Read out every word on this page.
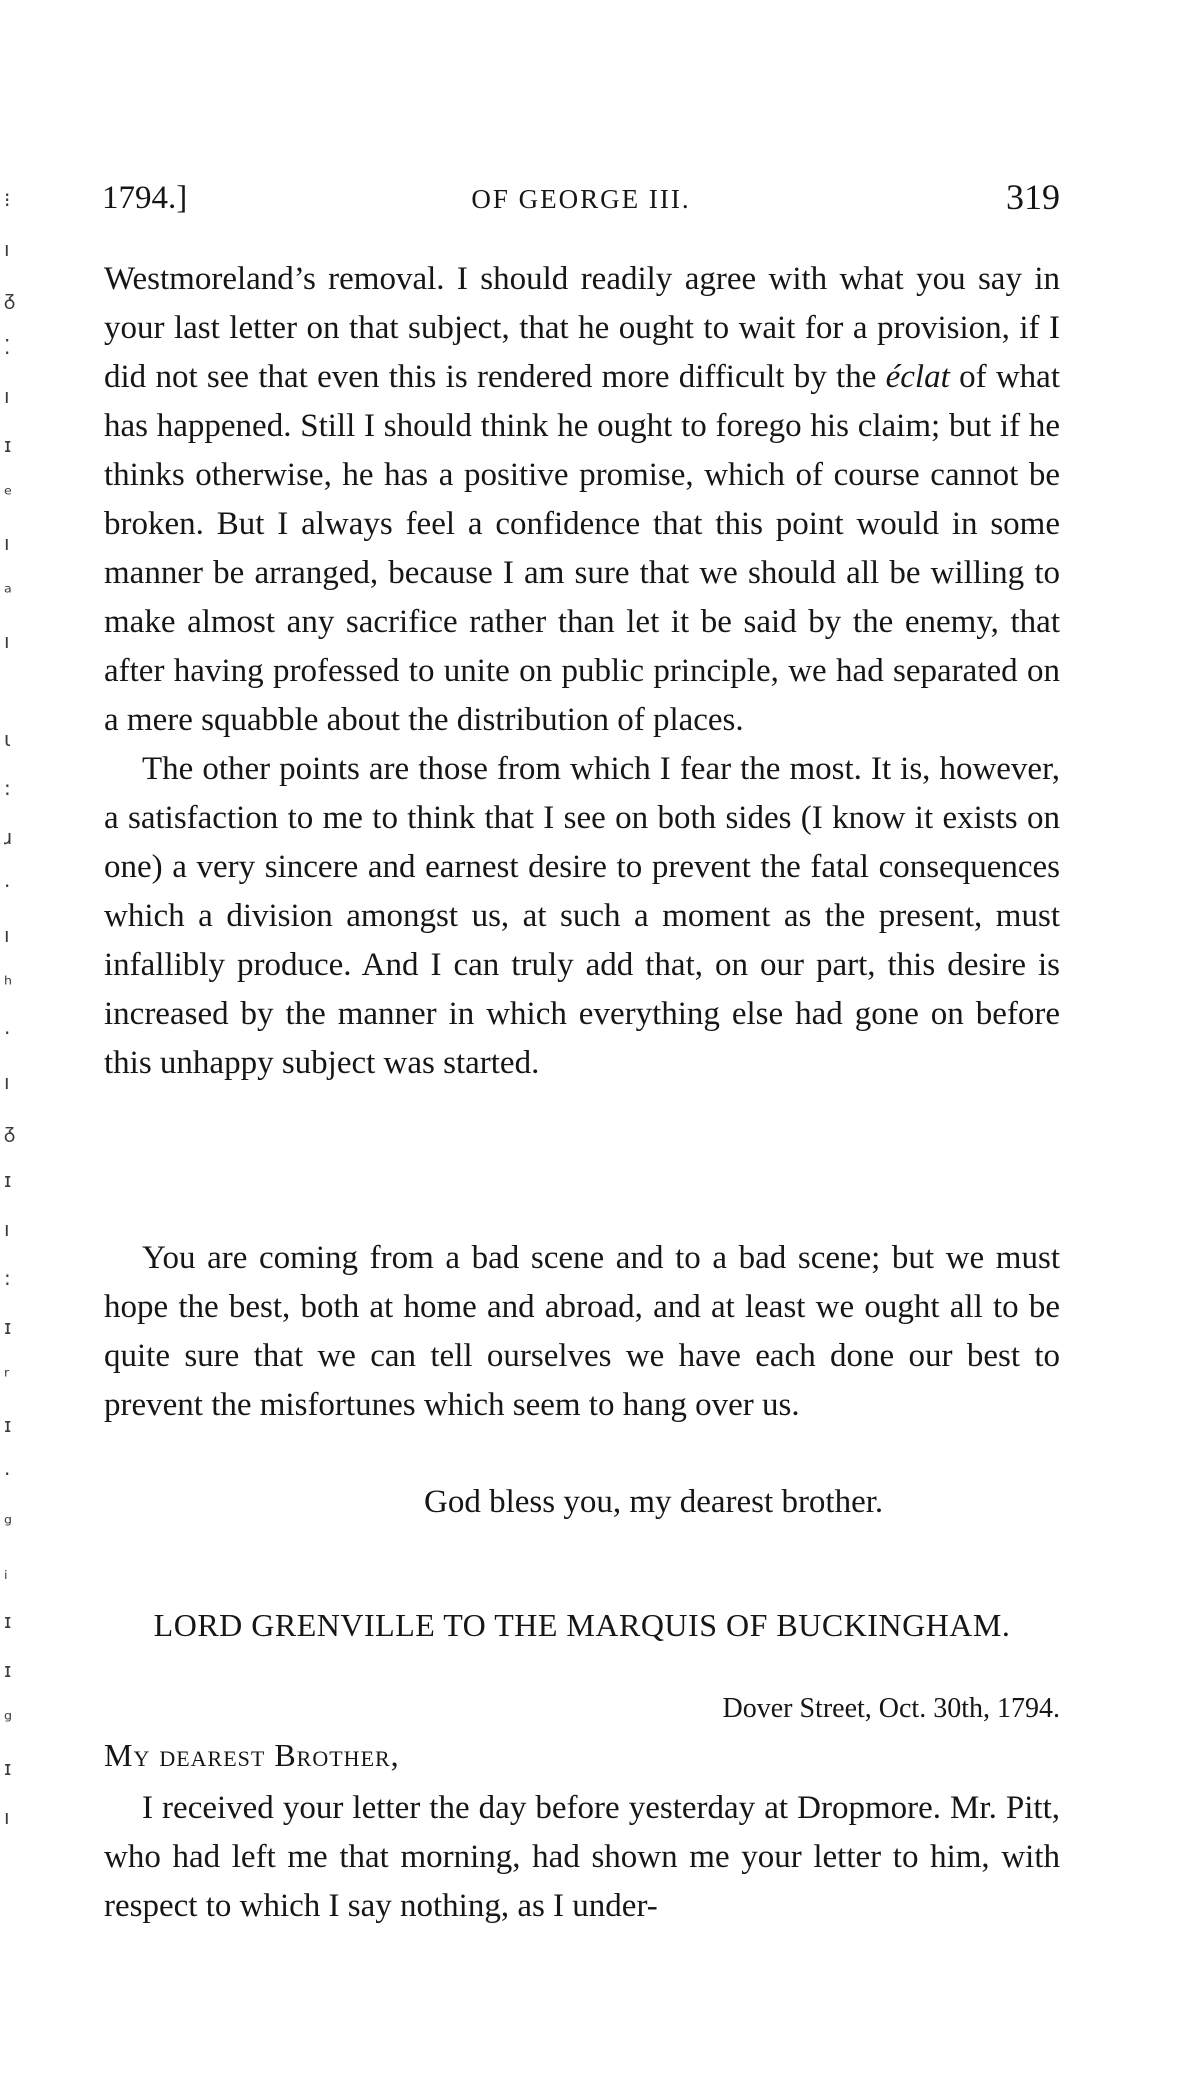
⁝
ı
ᵹ
⁚
ı
ɪ
ᵉ
ı
ᵃ
ı

ɩ
:
ɹ
·
ı
ʰ
·
ı
ᵹ
ɪ
ı
:
ɪ
ʳ
ɪ
·
ᵍ
ᵢ
ɪ
ɪ
ᵍ
ɪ
ı
1794.]	OF GEORGE III.	319

Westmoreland’s removal. I should readily agree with what you say in your last letter on that subject, that he ought to wait for a provision, if I did not see that even this is rendered more difficult by the éclat of what has happened. Still I should think he ought to forego his claim; but if he thinks otherwise, he has a positive promise, which of course cannot be broken. But I always feel a confidence that this point would in some manner be arranged, because I am sure that we should all be willing to make almost any sacrifice rather than let it be said by the enemy, that after having professed to unite on public principle, we had separated on a mere squabble about the distribution of places.

The other points are those from which I fear the most. It is, however, a satisfaction to me to think that I see on both sides (I know it exists on one) a very sincere and earnest desire to prevent the fatal consequences which a division amongst us, at such a moment as the present, must infallibly produce. And I can truly add that, on our part, this desire is increased by the manner in which everything else had gone on before this unhappy subject was started.

You are coming from a bad scene and to a bad scene; but we must hope the best, both at home and abroad, and at least we ought all to be quite sure that we can tell ourselves we have each done our best to prevent the misfortunes which seem to hang over us.
God bless you, my dearest brother.
LORD GRENVILLE TO THE MARQUIS OF BUCKINGHAM.
Dover Street, Oct. 30th, 1794.
My dearest Brother,
I received your letter the day before yesterday at Dropmore. Mr. Pitt, who had left me that morning, had shown me your letter to him, with respect to which I say nothing, as I under-
